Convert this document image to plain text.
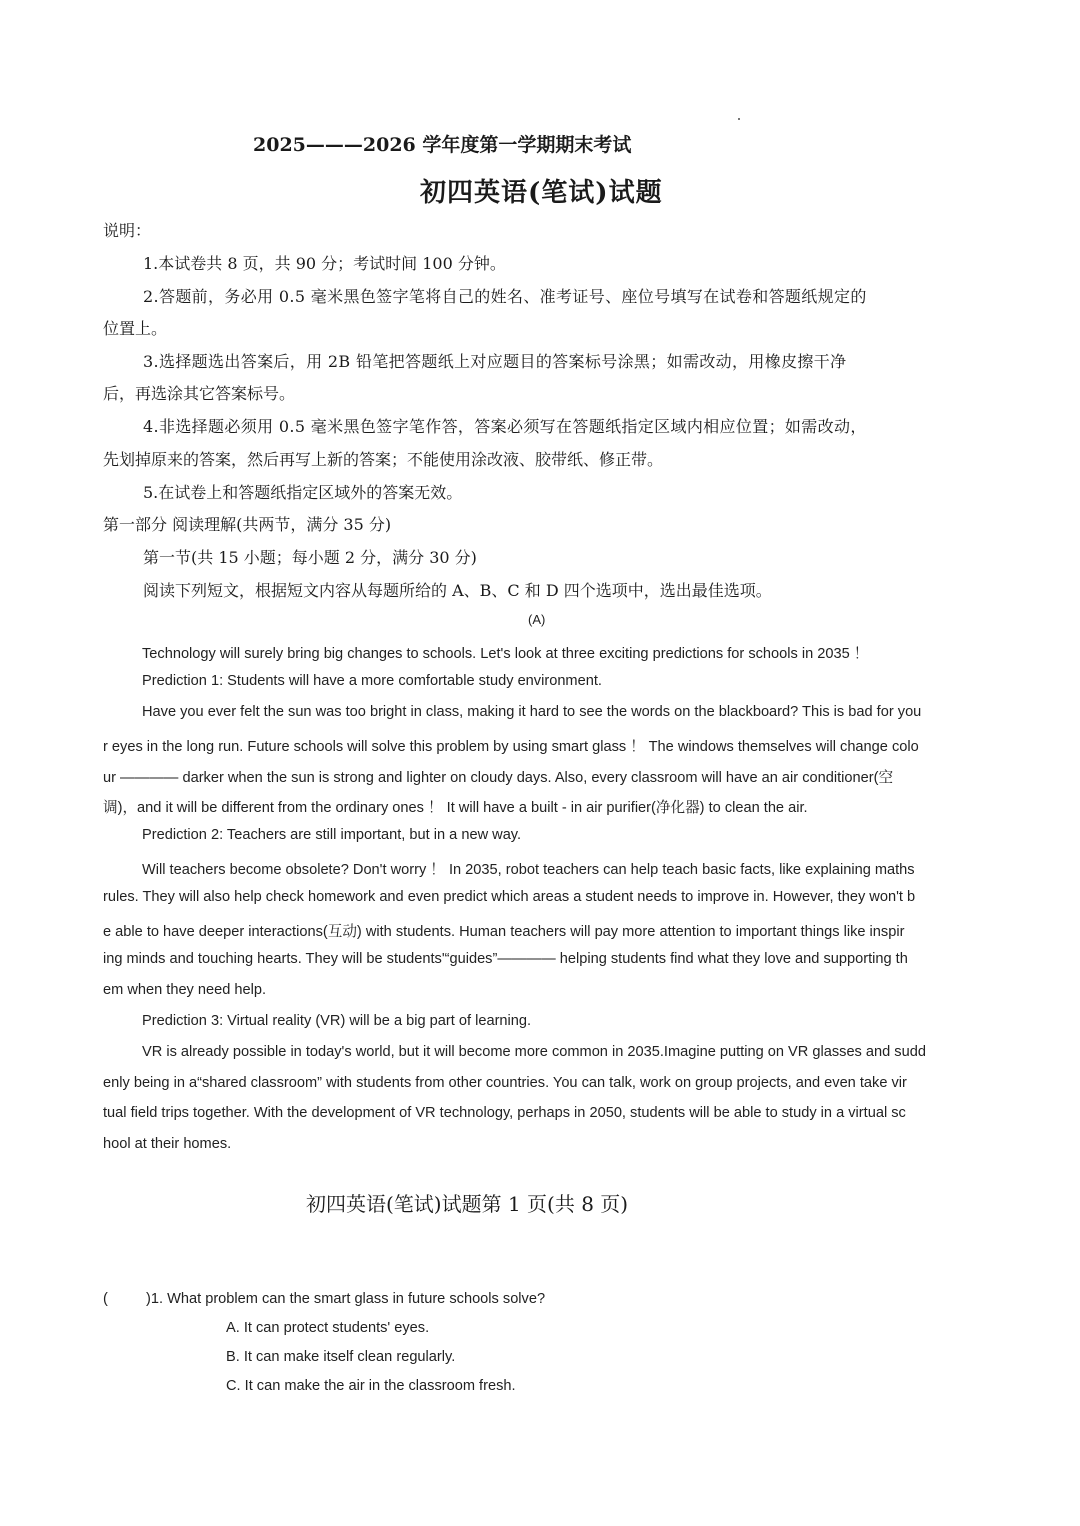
2025———2026 学年度第一学期期末考试
初四英语(笔试)试题
说明：
1.本试卷共 8 页，共 90 分；考试时间 100 分钟。
2.答题前，务必用 0.5 毫米黑色签字笔将自己的姓名、准考证号、座位号填写在试卷和答题纸规定的
位置上。
3.选择题选出答案后，用 2B 铅笔把答题纸上对应题目的答案标号涂黑；如需改动，用橡皮擦干净
后，再选涂其它答案标号。
4.非选择题必须用 0.5 毫米黑色签字笔作答，答案必须写在答题纸指定区域内相应位置；如需改动，
先划掉原来的答案，然后再写上新的答案；不能使用涂改液、胶带纸、修正带。
5.在试卷上和答题纸指定区域外的答案无效。
第一部分 阅读理解(共两节，满分 35 分)
第一节(共 15 小题；每小题 2 分，满分 30 分)
阅读下列短文，根据短文内容从每题所给的 A、B、C 和 D 四个选项中，选出最佳选项。
(A)
Technology will surely bring big changes to schools. Let's look at three exciting predictions for schools in 2035 ！
Prediction 1: Students will have a more comfortable study environment.
Have you ever felt the sun was too bright in class, making it hard to see the words on the blackboard? This is bad for you
r eyes in the long run. Future schools will solve this problem by using smart glass ！ The windows themselves will change colo
ur ———— darker when the sun is strong and lighter on cloudy days. Also, every classroom will have an air conditioner(空
调)，and it will be different from the ordinary ones ！ It will have a built - in air purifier(净化器) to clean the air.
Prediction 2: Teachers are still important, but in a new way.
Will teachers become obsolete? Don't worry ！ In 2035, robot teachers can help teach basic facts, like explaining maths
rules. They will also help check homework and even predict which areas a student needs to improve in. However, they won't b
e able to have deeper interactions(互动) with students. Human teachers will pay more attention to important things like inspir
ing minds and touching hearts. They will be students'“guides”———— helping students find what they love and supporting th
em when they need help.
Prediction 3: Virtual reality (VR) will be a big part of learning.
VR is already possible in today's world, but it will become more common in 2035.Imagine putting on VR glasses and sudd
enly being in a“shared classroom” with students from other countries. You can talk, work on group projects, and even take vir
tual field trips together. With the development of VR technology, perhaps in 2050, students will be able to study in a virtual sc
hool at their homes.
初四英语(笔试)试题第 1 页(共 8 页)
(	)1. What problem can the smart glass in future schools solve?
A. It can protect students' eyes.
B. It can make itself clean regularly.
C. It can make the air in the classroom fresh.
